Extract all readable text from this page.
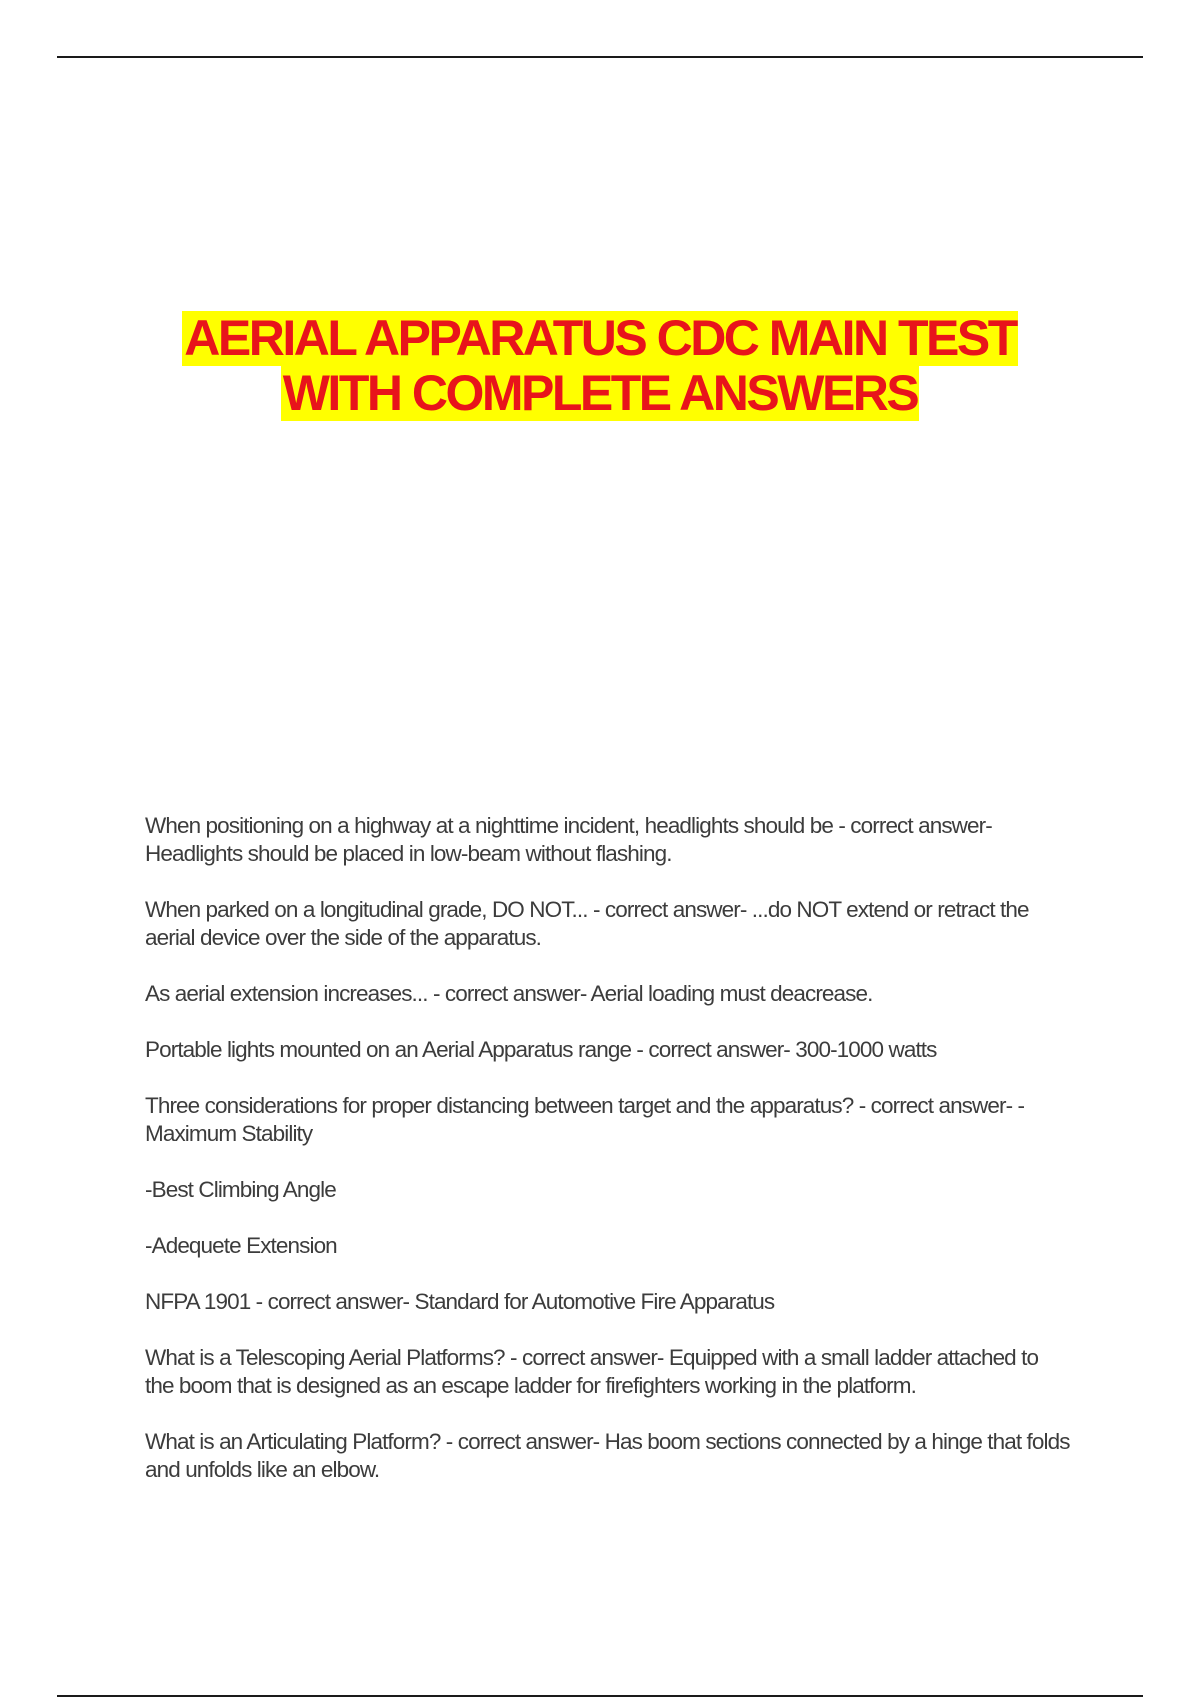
AERIAL APPARATUS CDC MAIN TEST
WITH COMPLETE ANSWERS

When positioning on a highway at a nighttime incident, headlights should be - correct answer- Headlights should be placed in low-beam without flashing.

When parked on a longitudinal grade, DO NOT... - correct answer- ...do NOT extend or retract the aerial device over the side of the apparatus.

As aerial extension increases... - correct answer- Aerial loading must deacrease.

Portable lights mounted on an Aerial Apparatus range - correct answer- 300-1000 watts

Three considerations for proper distancing between target and the apparatus? - correct answer- -Maximum Stability

-Best Climbing Angle

-Adequete Extension

NFPA 1901 - correct answer- Standard for Automotive Fire Apparatus

What is a Telescoping Aerial Platforms? - correct answer- Equipped with a small ladder attached to the boom that is designed as an escape ladder for firefighters working in the platform.

What is an Articulating Platform? - correct answer- Has boom sections connected by a hinge that folds and unfolds like an elbow.
